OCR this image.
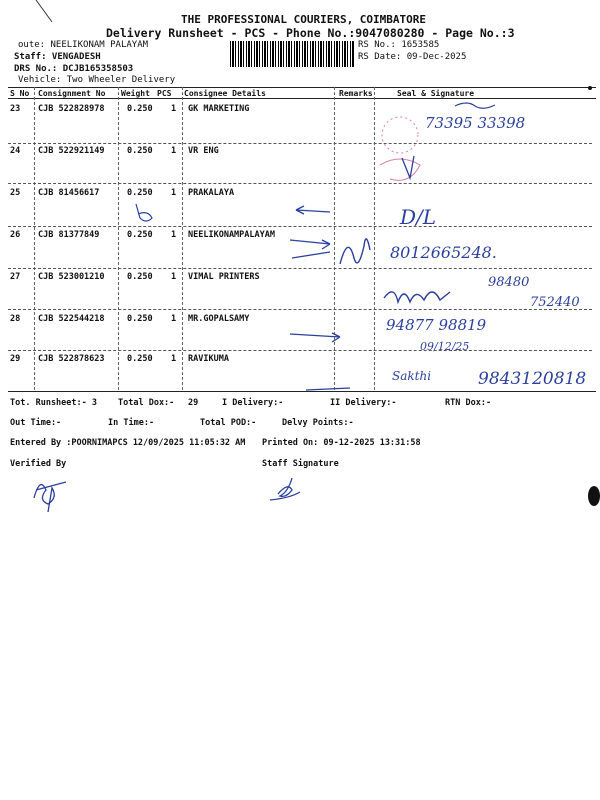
THE PROFESSIONAL COURIERS, COIMBATORE
Delivery Runsheet - PCS - Phone No.:9047080280 - Page No.:3
oute: NEELIKONAM PALAYAM
Staff: VENGADESH
DRS No.: DCJB165358503
Vehicle: Two Wheeler Delivery
RS No.: 1653585
RS Date: 09-Dec-2025
S No Consignment No Weight PCS Consignee Details	Remarks	Seal & Signature
23 CJB 522828978	0.250 1 GK MARKETING
24 CJB 522921149	0.250 1 VR ENG
25 CJB 81456617	0.250 1 PRAKALAYA
26 CJB 81377849	0.250 1 NEELIKONAMPALAYAM
27 CJB 523001210	0.250 1 VIMAL PRINTERS
28 CJB 522544218	0.250 1 MR.GOPALSAMY
29 CJB 522878623	0.250 1 RAVIKUMA
Tot. Runsheet:- 3 Total Dox:- 29	I Delivery:-	II Delivery:-	RTN Dox:-
Out Time:-	In Time:-	Total POD:-	Delvy Points:-
Entered By :POORNIMAPCS 12/09/2025 11:05:32 AM Printed On: 09-12-2025 13:31:58
Verified By	Staff Signature
73395 33398
D/L
8012665248.
98480
752440
94877 98819
09/12/25
Sakthi	9843120818
